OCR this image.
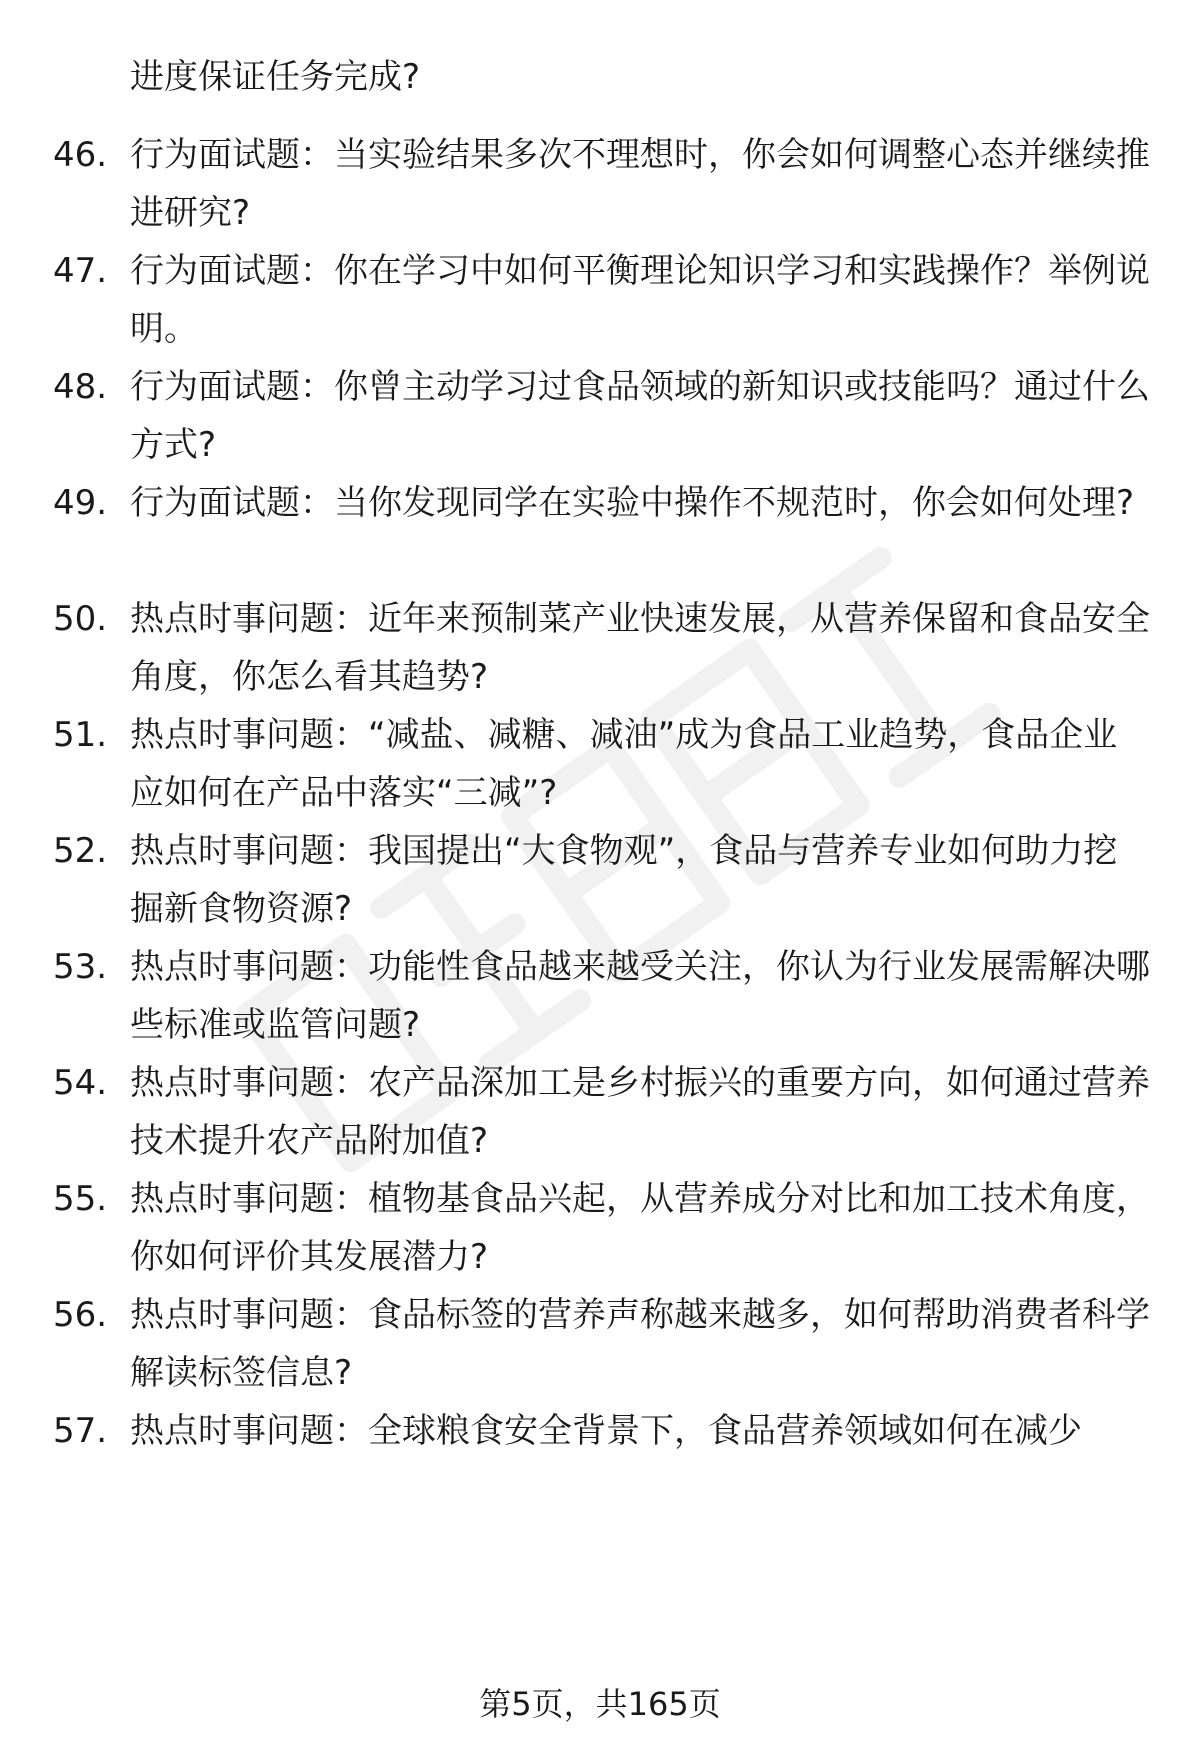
进度保证任务完成?

46. 行为面试题：当实验结果多次不理想时，你会如何调整心态并继续推进研究?

47. 行为面试题：你在学习中如何平衡理论知识学习和实践操作？举例说明。

48. 行为面试题：你曾主动学习过食品领域的新知识或技能吗？通过什么方式?

49. 行为面试题：当你发现同学在实验中操作不规范时，你会如何处理?

50. 热点时事问题：近年来预制菜产业快速发展，从营养保留和食品安全角度，你怎么看其趋势?

51. 热点时事问题：“减盐、减糖、减油”成为食品工业趋势，食品企业应如何在产品中落实“三减”?

52. 热点时事问题：我国提出“大食物观”，食品与营养专业如何助力挖掘新食物资源?

53. 热点时事问题：功能性食品越来越受关注，你认为行业发展需解决哪些标准或监管问题?

54. 热点时事问题：农产品深加工是乡村振兴的重要方向，如何通过营养技术提升农产品附加值?

55. 热点时事问题：植物基食品兴起，从营养成分对比和加工技术角度，你如何评价其发展潜力?

56. 热点时事问题：食品标签的营养声称越来越多，如何帮助消费者科学解读标签信息?

57. 热点时事问题：全球粮食安全背景下，食品营养领域如何在减少

第5页，共165页
